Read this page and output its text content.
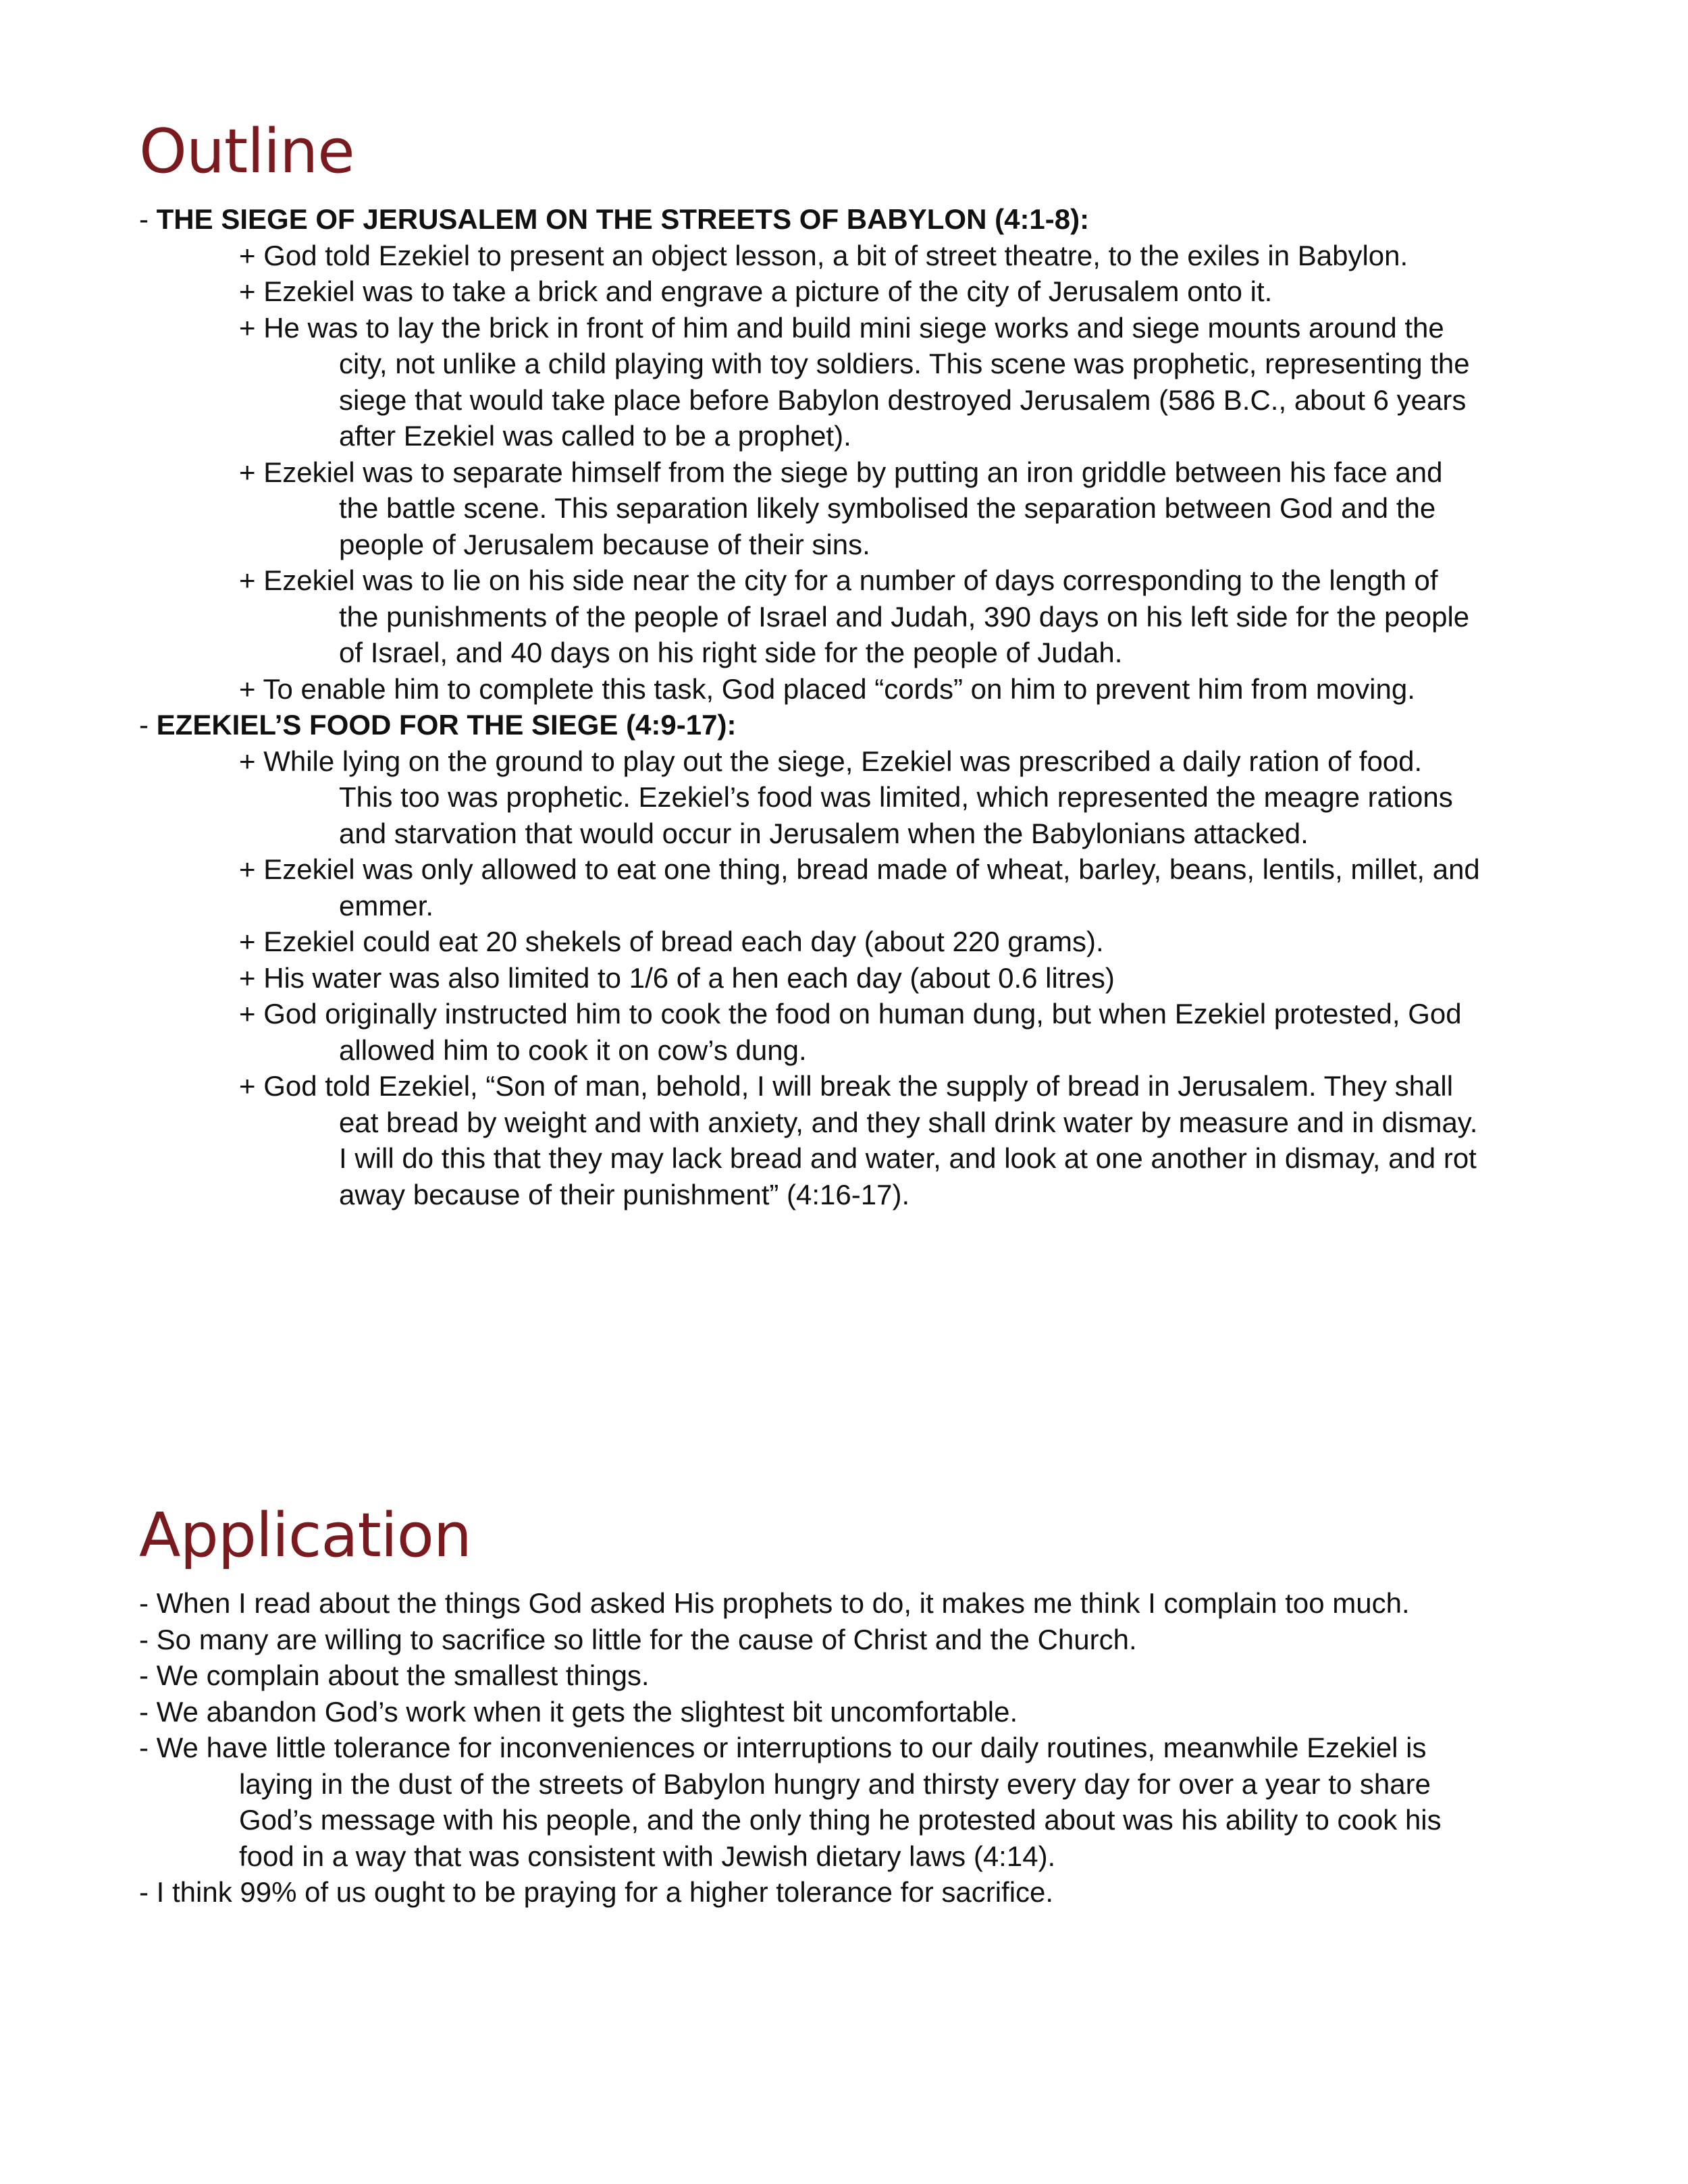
Outline
- THE SIEGE OF JERUSALEM ON THE STREETS OF BABYLON (4:1-8):
+ God told Ezekiel to present an object lesson, a bit of street theatre, to the exiles in Babylon.
+ Ezekiel was to take a brick and engrave a picture of the city of Jerusalem onto it.
+ He was to lay the brick in front of him and build mini siege works and siege mounts around the
city, not unlike a child playing with toy soldiers. This scene was prophetic, representing the
siege that would take place before Babylon destroyed Jerusalem (586 B.C., about 6 years
after Ezekiel was called to be a prophet).
+ Ezekiel was to separate himself from the siege by putting an iron griddle between his face and
the battle scene. This separation likely symbolised the separation between God and the
people of Jerusalem because of their sins.
+ Ezekiel was to lie on his side near the city for a number of days corresponding to the length of
the punishments of the people of Israel and Judah, 390 days on his left side for the people
of Israel, and 40 days on his right side for the people of Judah.
+ To enable him to complete this task, God placed “cords” on him to prevent him from moving.
- EZEKIEL’S FOOD FOR THE SIEGE (4:9-17):
+ While lying on the ground to play out the siege, Ezekiel was prescribed a daily ration of food.
This too was prophetic. Ezekiel’s food was limited, which represented the meagre rations
and starvation that would occur in Jerusalem when the Babylonians attacked.
+ Ezekiel was only allowed to eat one thing, bread made of wheat, barley, beans, lentils, millet, and
emmer.
+ Ezekiel could eat 20 shekels of bread each day (about 220 grams).
+ His water was also limited to 1/6 of a hen each day (about 0.6 litres)
+ God originally instructed him to cook the food on human dung, but when Ezekiel protested, God
allowed him to cook it on cow’s dung.
+ God told Ezekiel, “Son of man, behold, I will break the supply of bread in Jerusalem. They shall
eat bread by weight and with anxiety, and they shall drink water by measure and in dismay.
I will do this that they may lack bread and water, and look at one another in dismay, and rot
away because of their punishment” (4:16-17).
Application
- When I read about the things God asked His prophets to do, it makes me think I complain too much.
- So many are willing to sacrifice so little for the cause of Christ and the Church.
- We complain about the smallest things.
- We abandon God’s work when it gets the slightest bit uncomfortable.
- We have little tolerance for inconveniences or interruptions to our daily routines, meanwhile Ezekiel is
laying in the dust of the streets of Babylon hungry and thirsty every day for over a year to share
God’s message with his people, and the only thing he protested about was his ability to cook his
food in a way that was consistent with Jewish dietary laws (4:14).
- I think 99% of us ought to be praying for a higher tolerance for sacrifice.
